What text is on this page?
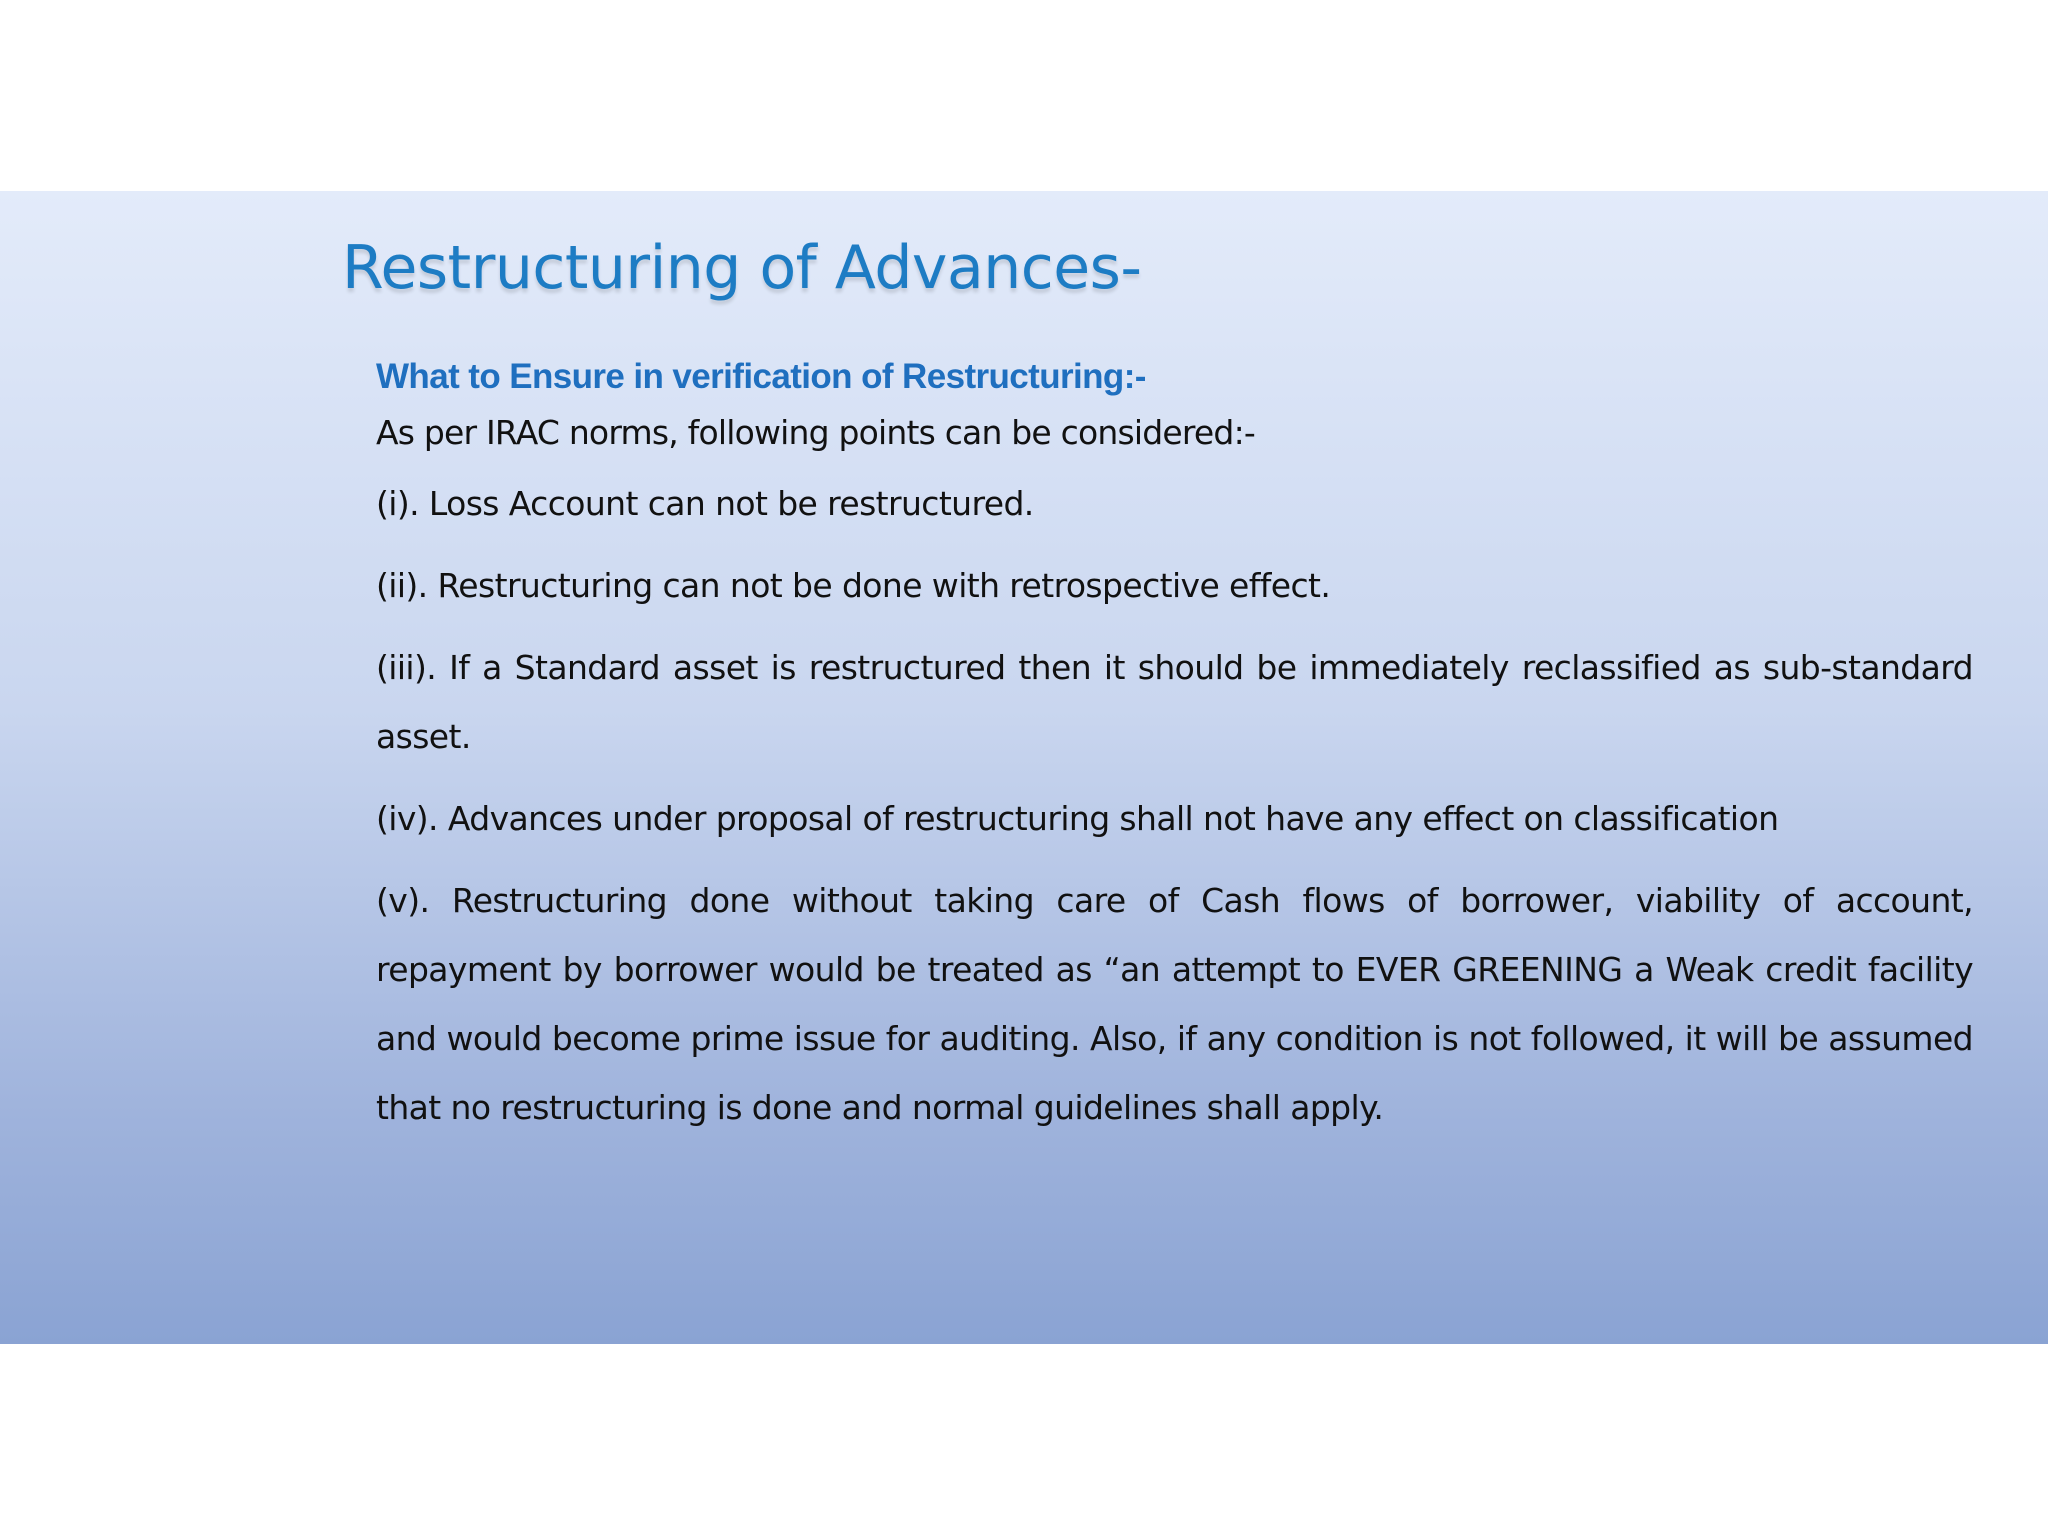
Restructuring of Advances-
What to Ensure in verification of Restructuring:-

As per IRAC norms, following points can be considered:-

(i). Loss Account can not be restructured.
(ii). Restructuring can not be done with retrospective effect.
(iii). If a Standard asset is restructured then it should be immediately reclassified as sub-standard asset.
(iv). Advances under proposal of restructuring shall not have any effect on classification
(v). Restructuring done without taking care of Cash flows of borrower, viability of account, repayment by borrower would be treated as “an attempt to EVER GREENING a Weak credit facility and would become prime issue for auditing. Also, if any condition is not followed, it will be assumed that no restructuring is done and normal guidelines shall apply.
